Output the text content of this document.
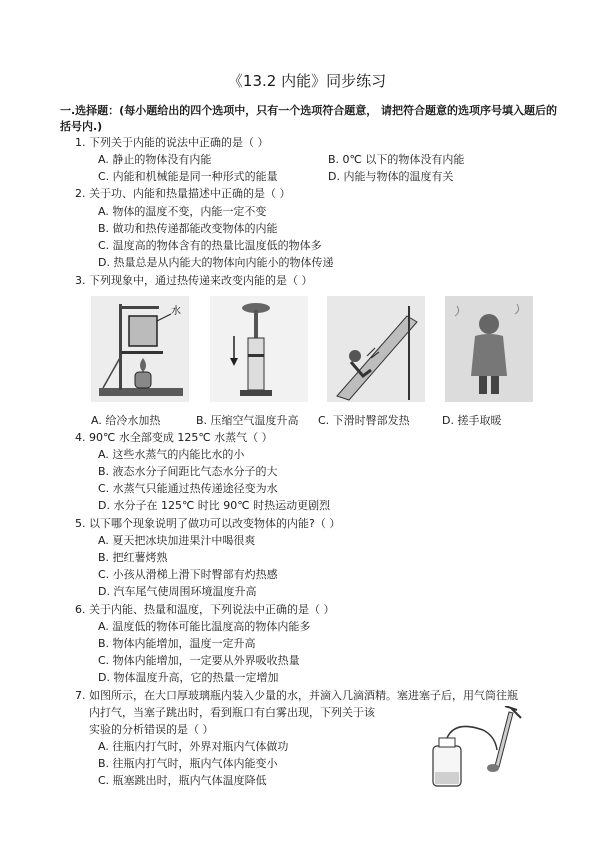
《13.2 内能》同步练习
一.选择题：(每小题给出的四个选项中，只有一个选项符合题意， 请把符合题意的选项序号填入题后的括号内.)
1. 下列关于内能的说法中正确的是（ ）
A. 静止的物体没有内能	B. 0℃ 以下的物体没有内能
C. 内能和机械能是同一种形式的能量	D. 内能与物体的温度有关
2. 关于功、内能和热量描述中正确的是（ ）
A. 物体的温度不变，内能一定不变
B. 做功和热传递都能改变物体的内能
C. 温度高的物体含有的热量比温度低的物体多
D. 热量总是从内能大的物体向内能小的物体传递
3. 下列现象中，通过热传递来改变内能的是（ ）
水
A. 给冷水加热	B. 压缩空气温度升高 C. 下滑时臀部发热	D. 搓手取暖
4. 90℃ 水全部变成 125℃ 水蒸气（ ）
A. 这些水蒸气的内能比水的小
B. 液态水分子间距比气态水分子的大
C. 水蒸气只能通过热传递途径变为水
D. 水分子在 125℃ 时比 90℃ 时热运动更剧烈
5. 以下哪个现象说明了做功可以改变物体的内能?（ ）
A. 夏天把冰块加进果汁中喝很爽
B. 把红薯烤熟
C. 小孩从滑梯上滑下时臀部有灼热感
D. 汽车尾气使周围环境温度升高
6. 关于内能、热量和温度，下列说法中正确的是（ ）
A. 温度低的物体可能比温度高的物体内能多
B. 物体内能增加，温度一定升高
C. 物体内能增加，一定要从外界吸收热量
D. 物体温度升高，它的热量一定增加
7. 如图所示，在大口厚玻璃瓶内装入少量的水，并滴入几滴酒精。塞进塞子后，用气筒往瓶
内打气，当塞子跳出时，看到瓶口有白雾出现，下列关于该
实验的分析错误的是（ ）
A. 往瓶内打气时，外界对瓶内气体做功
B. 往瓶内打气时，瓶内气体内能变小
C. 瓶塞跳出时，瓶内气体温度降低
